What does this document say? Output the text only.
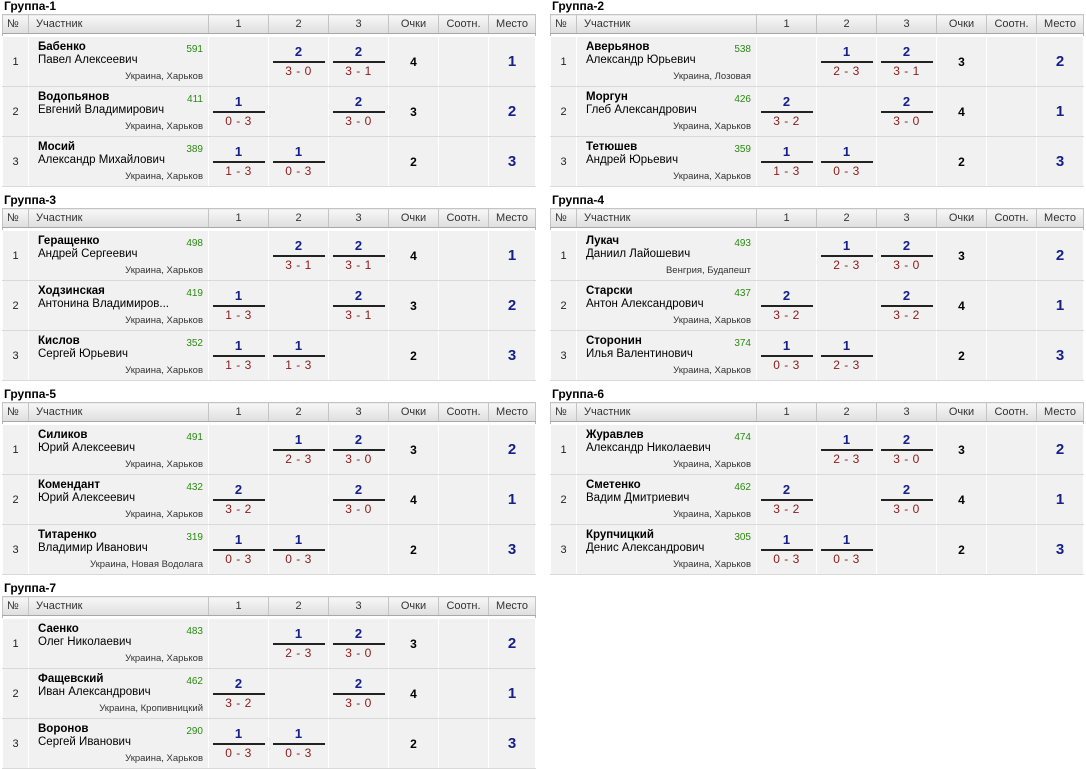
Группа-1
№	Участник	1	2	3	Очки	Соотн.	Место

1	Бабенко
Павел Алексеевич
591
Украина, Харьков		$\frac{2}{3 - 0}$	$\frac{2}{3 - 1}$	4		1
2	Водопьянов
Евгений Владимирович
411
Украина, Харьков	$\frac{1}{0 - 3}$		$\frac{2}{3 - 0}$	3		2
3	Мосий
Александр Михайлович
389
Украина, Харьков	$\frac{1}{1 - 3}$	$\frac{1}{0 - 3}$		2		3
Группа-2
№	Участник	1	2	3	Очки	Соотн.	Место

1	Аверьянов
Александр Юрьевич
538
Украина, Лозовая		$\frac{1}{2 - 3}$	$\frac{2}{3 - 1}$	3		2
2	Моргун
Глеб Александрович
426
Украина, Харьков	$\frac{2}{3 - 2}$		$\frac{2}{3 - 0}$	4		1
3	Тетюшев
Андрей Юрьевич
359
Украина, Харьков	$\frac{1}{1 - 3}$	$\frac{1}{0 - 3}$		2		3
Группа-3
№	Участник	1	2	3	Очки	Соотн.	Место

1	Геращенко
Андрей Сергеевич
498
Украина, Харьков		$\frac{2}{3 - 1}$	$\frac{2}{3 - 1}$	4		1
2	Ходзинская
Антонина Владимиров...
419
Украина, Харьков	$\frac{1}{1 - 3}$		$\frac{2}{3 - 1}$	3		2
3	Кислов
Сергей Юрьевич
352
Украина, Харьков	$\frac{1}{1 - 3}$	$\frac{1}{1 - 3}$		2		3
Группа-4
№	Участник	1	2	3	Очки	Соотн.	Место

1	Лукач
Даниил Лайошевич
493
Венгрия, Будапешт		$\frac{1}{2 - 3}$	$\frac{2}{3 - 0}$	3		2
2	Старски
Антон Александрович
437
Украина, Харьков	$\frac{2}{3 - 2}$		$\frac{2}{3 - 2}$	4		1
3	Сторонин
Илья Валентинович
374
Украина, Харьков	$\frac{1}{0 - 3}$	$\frac{1}{2 - 3}$		2		3
Группа-5
№	Участник	1	2	3	Очки	Соотн.	Место

1	Силиков
Юрий Алексеевич
491
Украина, Харьков		$\frac{1}{2 - 3}$	$\frac{2}{3 - 0}$	3		2
2	Комендант
Юрий Алексеевич
432
Украина, Харьков	$\frac{2}{3 - 2}$		$\frac{2}{3 - 0}$	4		1
3	Титаренко
Владимир Иванович
319
Украина, Новая Водолага	$\frac{1}{0 - 3}$	$\frac{1}{0 - 3}$		2		3
Группа-6
№	Участник	1	2	3	Очки	Соотн.	Место

1	Журавлев
Александр Николаевич
474
Украина, Харьков		$\frac{1}{2 - 3}$	$\frac{2}{3 - 0}$	3		2
2	Сметенко
Вадим Дмитриевич
462
Украина, Харьков	$\frac{2}{3 - 2}$		$\frac{2}{3 - 0}$	4		1
3	Крупчицкий
Денис Александрович
305
Украина, Харьков	$\frac{1}{0 - 3}$	$\frac{1}{0 - 3}$		2		3
Группа-7
№	Участник	1	2	3	Очки	Соотн.	Место

1	Саенко
Олег Николаевич
483
Украина, Харьков		$\frac{1}{2 - 3}$	$\frac{2}{3 - 0}$	3		2
2	Фащевский
Иван Александрович
462
Украина, Кропивницкий	$\frac{2}{3 - 2}$		$\frac{2}{3 - 0}$	4		1
3	Воронов
Сергей Иванович
290
Украина, Харьков	$\frac{1}{0 - 3}$	$\frac{1}{0 - 3}$		2		3
